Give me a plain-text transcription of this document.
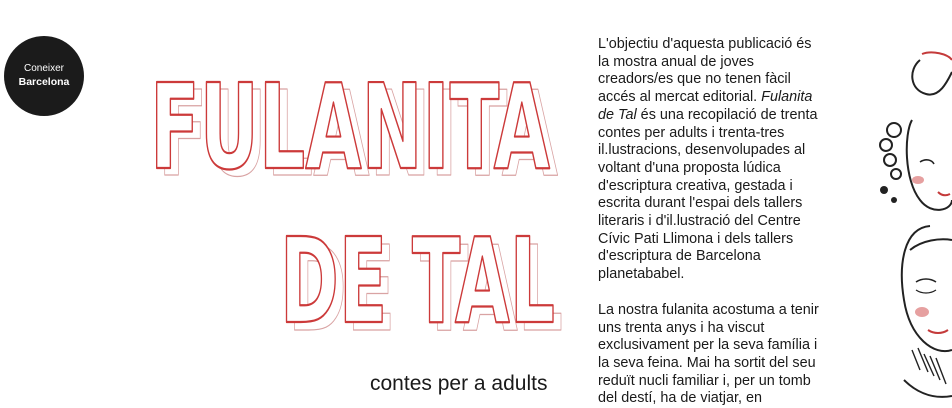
Coneixer
Barcelona FULANITA
FULANITA
DE TAL
DE TAL
contes per a adults

L'objectiu d'aquesta publicació és la mostra anual de joves creadors/es que no tenen fàcil accés al mercat editorial. Fulanita de Tal és una recopilació de trenta contes per adults i trenta-tres il.lustracions, desenvolupades al voltant d'una proposta lúdica d'escriptura creativa, gestada i escrita durant l'espai dels tallers literaris i d'il.lustració del Centre Cívic Pati Llimona i dels tallers d'escriptura de Barcelona planetababel.

La nostra fulanita acostuma a tenir uns trenta anys i ha viscut exclusivament per la seva família i la seva feina. Mai ha sortit del seu reduït nucli familiar i, per un tomb del destí, ha de viatjar, en
